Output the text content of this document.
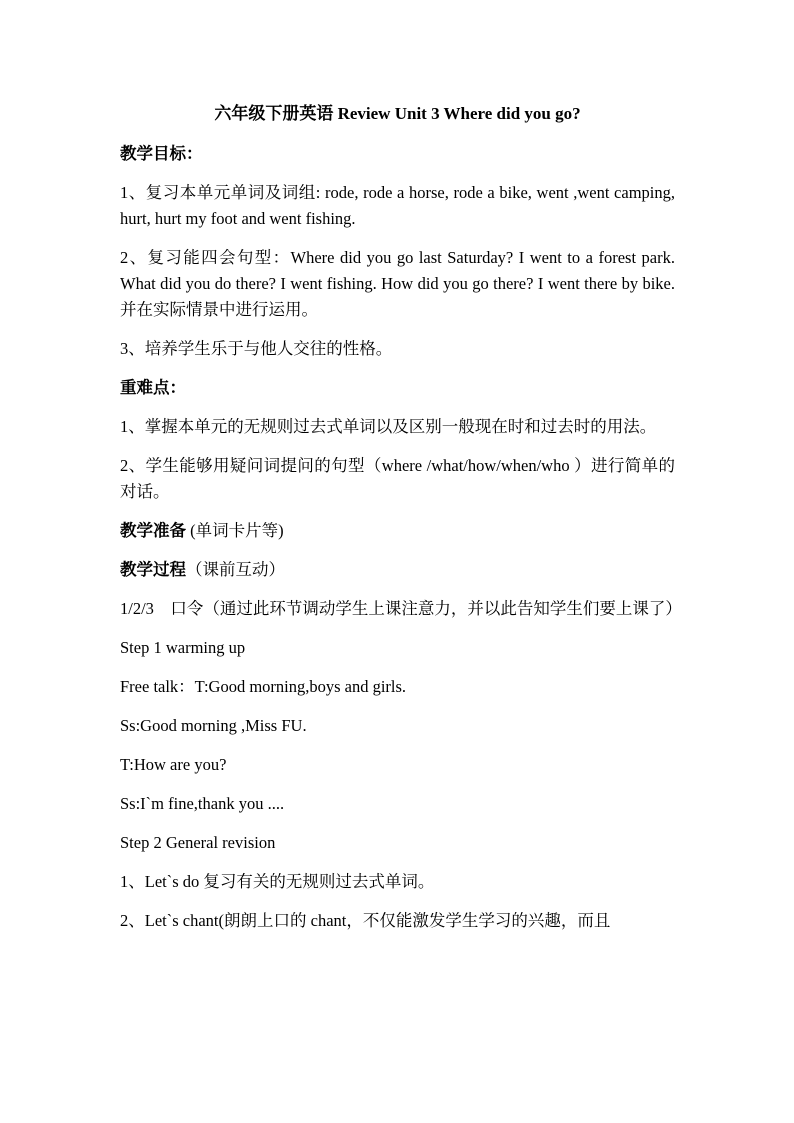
六年级下册英语 Review Unit 3 Where did you go?
教学目标：
1、复习本单元单词及词组: rode, rode a horse, rode a bike, went ,went camping, hurt, hurt my foot and went fishing.
2、复习能四会句型：Where did you go last Saturday? I went to a forest park. What did you do there? I went fishing. How did you go there? I went there by bike.并在实际情景中进行运用。
3、培养学生乐于与他人交往的性格。
重难点：
1、掌握本单元的无规则过去式单词以及区别一般现在时和过去时的用法。
2、学生能够用疑问词提问的句型（where /what/how/when/who ）进行简单的对话。
教学准备 (单词卡片等)
教学过程（课前互动）
1/2/3　口令（通过此环节调动学生上课注意力，并以此告知学生们要上课了）
Step 1 warming up
Free talk：T:Good morning,boys and girls.
Ss:Good morning ,Miss FU.
T:How are you?
Ss:I`m fine,thank you ....
Step 2 General revision
1、Let`s do 复习有关的无规则过去式单词。
2、Let`s chant(朗朗上口的 chant，不仅能激发学生学习的兴趣，而且
